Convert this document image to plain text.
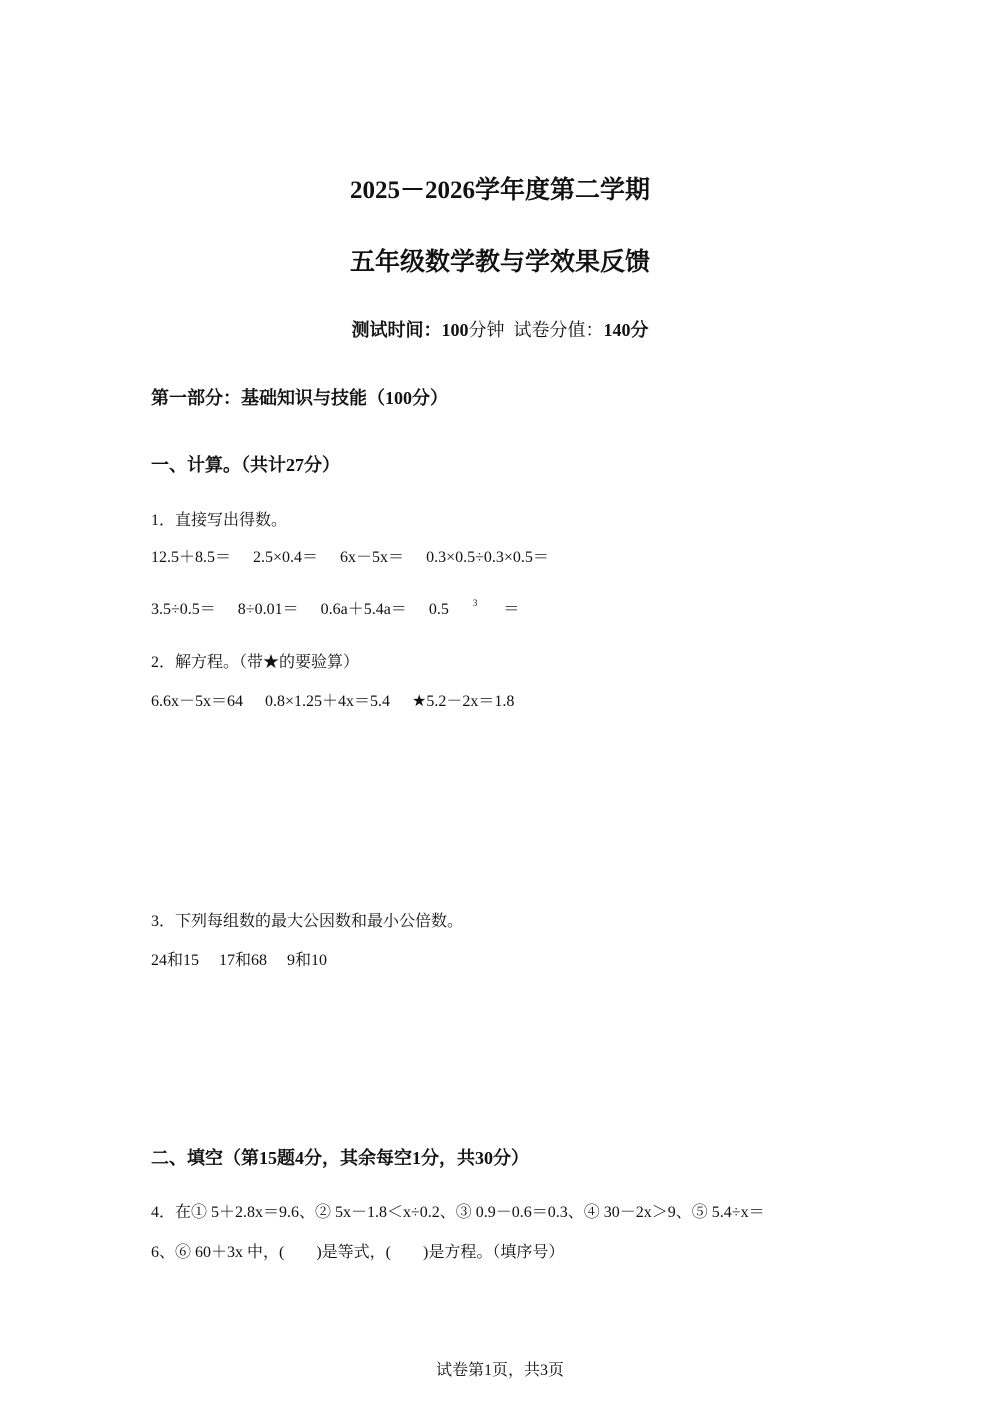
2025－2026学年度第二学期
五年级数学教与学效果反馈
测试时间：100分钟 试卷分值：140分
第一部分：基础知识与技能（100分）
一、计算。（共计27分）
1．直接写出得数。
12.5＋8.5＝ 2.5×0.4＝ 6x－5x＝ 0.3×0.5÷0.3×0.5＝
3.5÷0.5＝ 8÷0.01＝ 0.6a＋5.4a＝ 0.5	$^3$ ＝
2．解方程。（带★的要验算）
6.6x－5x＝64 0.8×1.25＋4x＝5.4 ★5.2－2x＝1.8
3．下列每组数的最大公因数和最小公倍数。
24和15 17和68 9和10
二、填空（第15题4分，其余每空1分，共30分）
4．在① 5＋2.8x＝9.6、② 5x－1.8＜x÷0.2、③ 0.9－0.6＝0.3、④ 30－2x＞9、⑤ 5.4÷x＝
6、⑥ 60＋3x 中，(　　)是等式，(　　)是方程。（填序号）
试卷第1页，共3页
